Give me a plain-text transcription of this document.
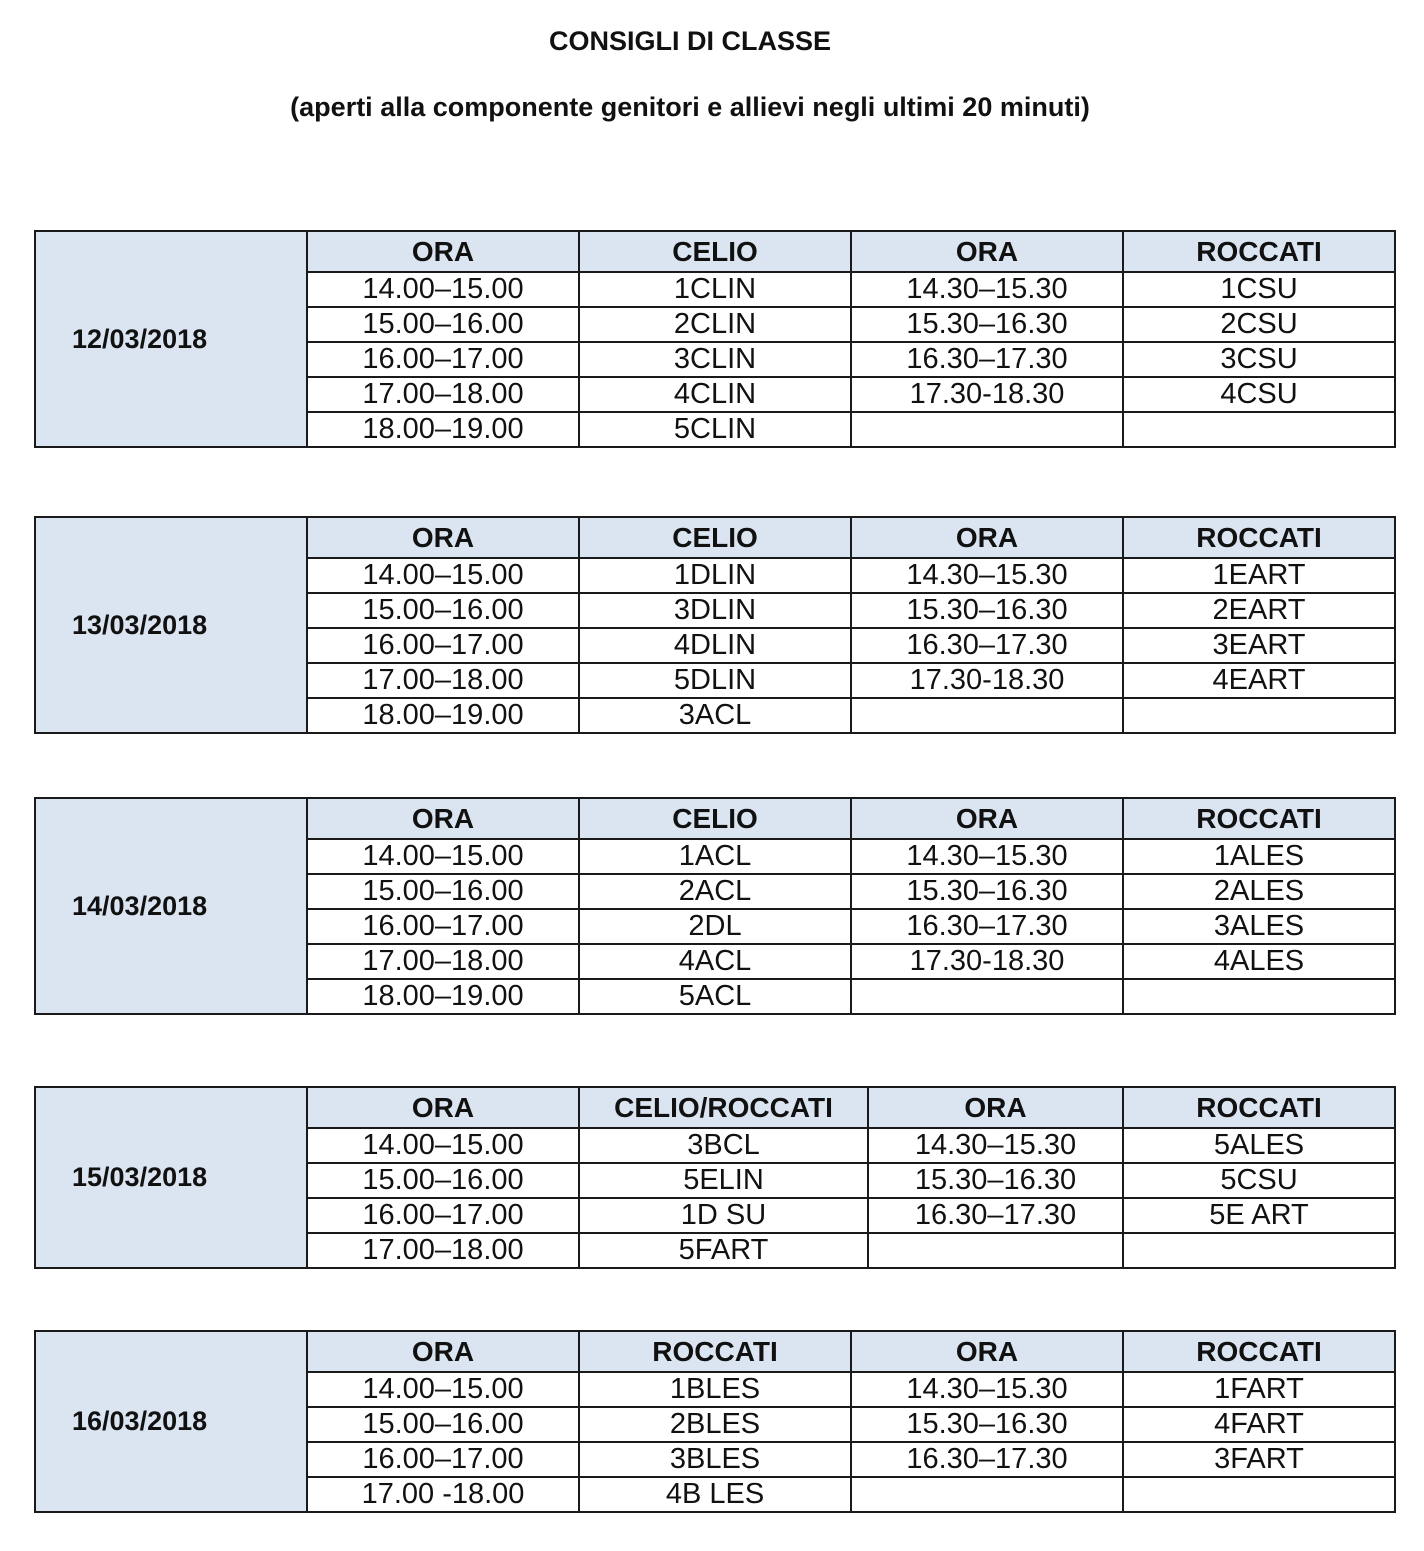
CONSIGLI DI CLASSE
(aperti alla componente genitori e allievi negli ultimi 20 minuti)
12/03/2018	ORA	CELIO	ORA	ROCCATI
	14.00–15.00	1CLIN	14.30–15.30	1CSU
	15.00–16.00	2CLIN	15.30–16.30	2CSU
	16.00–17.00	3CLIN	16.30–17.30	3CSU
	17.00–18.00	4CLIN	17.30-18.30	4CSU
	18.00–19.00	5CLIN		
13/03/2018	ORA	CELIO	ORA	ROCCATI
	14.00–15.00	1DLIN	14.30–15.30	1EART
	15.00–16.00	3DLIN	15.30–16.30	2EART
	16.00–17.00	4DLIN	16.30–17.30	3EART
	17.00–18.00	5DLIN	17.30-18.30	4EART
	18.00–19.00	3ACL		
14/03/2018	ORA	CELIO	ORA	ROCCATI
	14.00–15.00	1ACL	14.30–15.30	1ALES
	15.00–16.00	2ACL	15.30–16.30	2ALES
	16.00–17.00	2DL	16.30–17.30	3ALES
	17.00–18.00	4ACL	17.30-18.30	4ALES
	18.00–19.00	5ACL		
15/03/2018	ORA	CELIO/ROCCATI	ORA	ROCCATI
	14.00–15.00	3BCL	14.30–15.30	5ALES
	15.00–16.00	5ELIN	15.30–16.30	5CSU
	16.00–17.00	1D SU	16.30–17.30	5E ART
	17.00–18.00	5FART		
16/03/2018	ORA	ROCCATI	ORA	ROCCATI
	14.00–15.00	1BLES	14.30–15.30	1FART
	15.00–16.00	2BLES	15.30–16.30	4FART
	16.00–17.00	3BLES	16.30–17.30	3FART
	17.00 -18.00	4B LES		
